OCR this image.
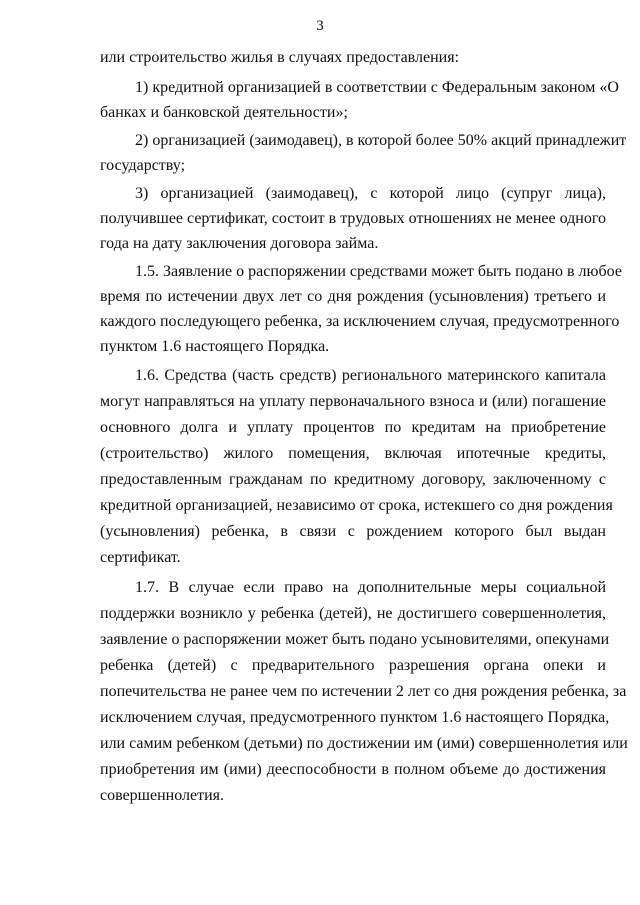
3
или строительство жилья в случаях предоставления:
1) кредитной организацией в соответствии с Федеральным законом «О
банках и банковской деятельности»;
2) организацией (заимодавец), в которой более 50% акций принадлежит
государству;
3) организацией (заимодавец), с которой лицо (супруг лица),
получившее сертификат, состоит в трудовых отношениях не менее одного
года на дату заключения договора займа.
1.5. Заявление о распоряжении средствами может быть подано в любое
время по истечении двух лет со дня рождения (усыновления) третьего и
каждого последующего ребенка, за исключением случая, предусмотренного
пунктом 1.6 настоящего Порядка.
1.6. Средства (часть средств) регионального материнского капитала
могут направляться на уплату первоначального взноса и (или) погашение
основного долга и уплату процентов по кредитам на приобретение
(строительство) жилого помещения, включая ипотечные кредиты,
предоставленным гражданам по кредитному договору, заключенному с
кредитной организацией, независимо от срока, истекшего со дня рождения
(усыновления) ребенка, в связи с рождением которого был выдан
сертификат.
1.7. В случае если право на дополнительные меры социальной
поддержки возникло у ребенка (детей), не достигшего совершеннолетия,
заявление о распоряжении может быть подано усыновителями, опекунами
ребенка (детей) с предварительного разрешения органа опеки и
попечительства не ранее чем по истечении 2 лет со дня рождения ребенка, за
исключением случая, предусмотренного пунктом 1.6 настоящего Порядка,
или самим ребенком (детьми) по достижении им (ими) совершеннолетия или
приобретения им (ими) дееспособности в полном объеме до достижения
совершеннолетия.
